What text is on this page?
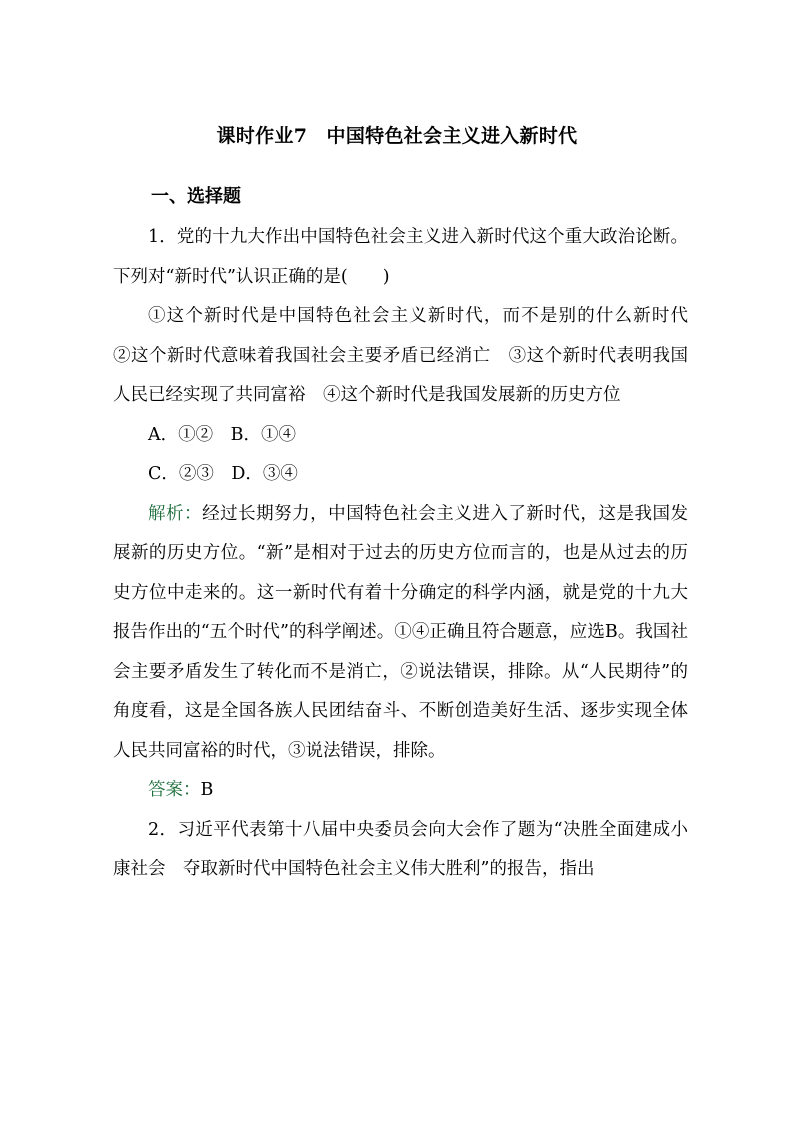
课时作业7　中国特色社会主义进入新时代
一、选择题

1．党的十九大作出中国特色社会主义进入新时代这个重大政治论断。下列对“新时代”认识正确的是(　　)

①这个新时代是中国特色社会主义新时代，而不是别的什么新时代　②这个新时代意味着我国社会主要矛盾已经消亡　③这个新时代表明我国人民已经实现了共同富裕　④这个新时代是我国发展新的历史方位

A．①②　B．①④

C．②③　D．③④

解析：经过长期努力，中国特色社会主义进入了新时代，这是我国发展新的历史方位。“新”是相对于过去的历史方位而言的，也是从过去的历史方位中走来的。这一新时代有着十分确定的科学内涵，就是党的十九大报告作出的“五个时代”的科学阐述。①④正确且符合题意，应选B。我国社会主要矛盾发生了转化而不是消亡，②说法错误，排除。从“人民期待”的角度看，这是全国各族人民团结奋斗、不断创造美好生活、逐步实现全体人民共同富裕的时代，③说法错误，排除。

答案：B

2．习近平代表第十八届中央委员会向大会作了题为“决胜全面建成小康社会　夺取新时代中国特色社会主义伟大胜利”的报告，指出
